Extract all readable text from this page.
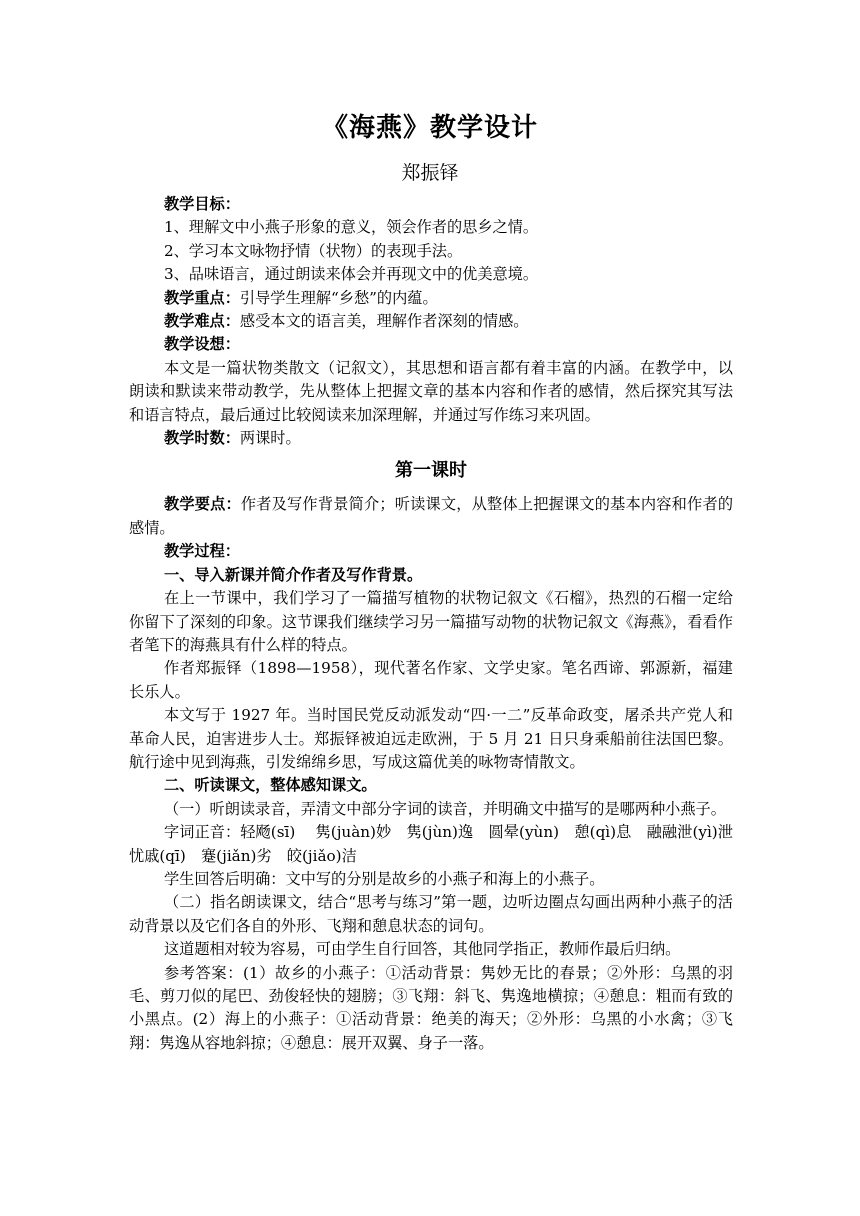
《海燕》教学设计
郑振铎

教学目标：

1、理解文中小燕子形象的意义，领会作者的思乡之情。

2、学习本文咏物抒情（状物）的表现手法。

3、品味语言，通过朗读来体会并再现文中的优美意境。

教学重点：引导学生理解“乡愁”的内蕴。

教学难点：感受本文的语言美，理解作者深刻的情感。

教学设想：

本文是一篇状物类散文（记叙文），其思想和语言都有着丰富的内涵。在教学中，以朗读和默读来带动教学，先从整体上把握文章的基本内容和作者的感情，然后探究其写法和语言特点，最后通过比较阅读来加深理解，并通过写作练习来巩固。

教学时数：两课时。

第一课时

教学要点：作者及写作背景简介；听读课文，从整体上把握课文的基本内容和作者的感情。

教学过程：

一、导入新课并简介作者及写作背景。

在上一节课中，我们学习了一篇描写植物的状物记叙文《石榴》，热烈的石榴一定给你留下了深刻的印象。这节课我们继续学习另一篇描写动物的状物记叙文《海燕》，看看作者笔下的海燕具有什么样的特点。

作者郑振铎（1898—1958），现代著名作家、文学史家。笔名西谛、郭源新，福建长乐人。

本文写于 1927 年。当时国民党反动派发动“四·一二”反革命政变，屠杀共产党人和革命人民，迫害进步人士。郑振铎被迫远走欧洲，于 5 月 21 日只身乘船前往法国巴黎。航行途中见到海燕，引发绵绵乡思，写成这篇优美的咏物寄情散文。

二、听读课文，整体感知课文。

（一）听朗读录音，弄清文中部分字词的读音，并明确文中描写的是哪两种小燕子。

字词正音：轻飏(sī)　 隽(juàn)妙　隽(jùn)逸　圆晕(yùn)　憩(qì)息　融融泄(yì)泄　忧戚(qī)　蹇(jiǎn)劣　皎(jiǎo)洁

学生回答后明确：文中写的分别是故乡的小燕子和海上的小燕子。

（二）指名朗读课文，结合“思考与练习”第一题，边听边圈点勾画出两种小燕子的活动背景以及它们各自的外形、飞翔和憩息状态的词句。

这道题相对较为容易，可由学生自行回答，其他同学指正，教师作最后归纳。

参考答案：(1）故乡的小燕子：①活动背景：隽妙无比的春景；②外形：乌黑的羽毛、剪刀似的尾巴、劲俊轻快的翅膀；③飞翔：斜飞、隽逸地横掠；④憩息：粗而有致的小黑点。(2）海上的小燕子：①活动背景：绝美的海天；②外形：乌黑的小水禽；③飞翔：隽逸从容地斜掠；④憩息：展开双翼、身子一落。
